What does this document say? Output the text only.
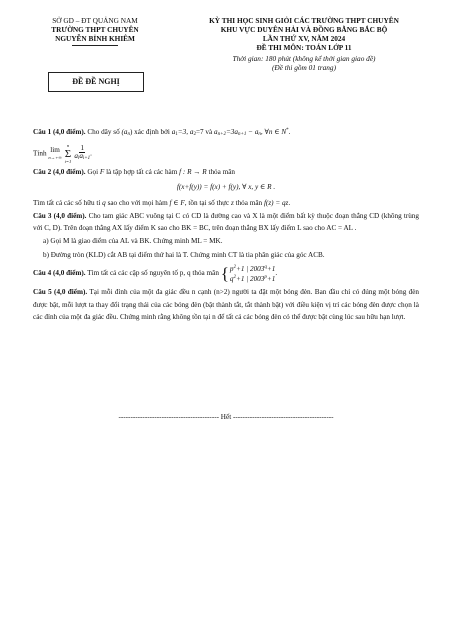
SỞ GD – ĐT QUẢNG NAM
TRƯỜNG THPT CHUYÊN
NGUYỄN BỈNH KHIÊM
KỲ THI HỌC SINH GIỎI CÁC TRƯỜNG THPT CHUYÊN
KHU VỰC DUYÊN HẢI VÀ ĐỒNG BẰNG BẮC BỘ
LẦN THỨ XV, NĂM 2024
ĐỀ THI MÔN: TOÁN LỚP 11
Thời gian: 180 phút (không kể thời gian giao đề)
(Đề thi gồm 01 trang)
ĐỀ ĐỀ NGHỊ

Câu 1 (4,0 điểm). Cho dãy số $(a_n)$ xác định bởi $a_1=3$, $a_2=7$ và $a_{n+2}=3a_{n+1} - a_n$, ∀n ∈ N*.

Tính lim
n→+∞
n
Σ
$i=1 \frac{1}{a_ia_{i+1}}$ .

Câu 2 (4,0 điểm). Gọi F là tập hợp tất cả các hàm f : R → R thỏa mãn

f(x+f(y)) = f(x) + f(y), ∀ x, y ∈ R .

Tìm tất cả các số hữu tỉ q sao cho với mọi hàm f ∈ F, tồn tại số thực z thỏa mãn f(z) = qz.

Câu 3 (4,0 điểm). Cho tam giác ABC vuông tại C có CD là đường cao và X là một điểm bất kỳ thuộc đoạn thẳng CD (không trùng với C, D). Trên đoạn thẳng AX lấy điểm K sao cho BK = BC, trên đoạn thẳng BX lấy điểm L sao cho AC = AL .

a) Gọi M là giao điểm của AL và BK. Chứng minh ML = MK.

b) Đường tròn (KLD) cắt AB tại điểm thứ hai là T. Chứng minh CT là tia phân giác của góc ACB.

Câu 4 (4,0 điểm). Tìm tất cả các cặp số nguyên tố p, q thỏa mãn { $p^2+1$ | $2003^q+1$
$q^2+1$ | $2003^p+1$
.

Câu 5 (4,0 điểm). Tại mỗi đỉnh của một đa giác đều n cạnh (n>2) người ta đặt một bóng đèn. Ban đầu chỉ có đúng một bóng đèn được bật, mỗi lượt ta thay đổi trạng thái của các bóng đèn (bật thành tắt, tắt thành bật) với điều kiện vị trí các bóng đèn được chọn là các đỉnh của một đa giác đều. Chứng minh rằng không tồn tại n để tất cả các bóng đèn có thể được bật cùng lúc sau hữu hạn lượt.

------------------------------------------ Hết ------------------------------------------
